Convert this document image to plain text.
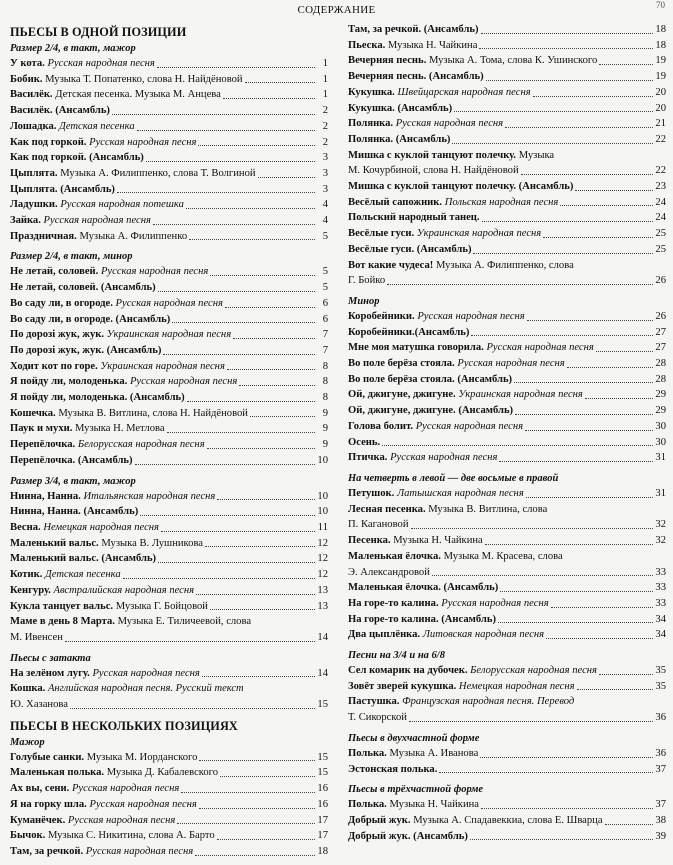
СОДЕРЖАНИЕ	70
ПЬЕСЫ В ОДНОЙ ПОЗИЦИИ
Размер 2/4, в такт, мажор
У кота. Русская народная песня	1
Бобик. Музыка Т. Попатенко, слова Н. Найдёновой	1
Василёк. Детская песенка. Музыка М. Анцева	1
Василёк. (Ансамбль)	2
Лошадка. Детская песенка	2
Как под горкой. Русская народная песня	2
Как под горкой. (Ансамбль)	3
Цыплята. Музыка А. Филиппенко, слова Т. Волгиной	3
Цыплята. (Ансамбль)	3
Ладушки. Русская народная потешка	4
Зайка. Русская народная песня	4
Праздничная. Музыка А. Филиппенко	5
Размер 2/4, в такт, минор
Не летай, соловей. Русская народная песня	5
Не летай, соловей. (Ансамбль)	5
Во саду ли, в огороде. Русская народная песня	6
Во саду ли, в огороде. (Ансамбль)	6
По дорозі жук, жук. Украинская народная песня	7
По дорозі жук, жук. (Ансамбль)	7
Ходит кот по горе. Украинская народная песня	8
Я пойду ли, молоденька. Русская народная песня	8
Я пойду ли, молоденька. (Ансамбль)	8
Кошечка. Музыка В. Витлина, слова Н. Найдёновой	9
Паук и мухи. Музыка Н. Метлова	9
Перепёлочка. Белорусская народная песня	9
Перепёлочка. (Ансамбль)	10
Размер 3/4, в такт, мажор
Нинна, Нанна. Итальянская народная песня	10
Нинна, Нанна. (Ансамбль)	10
Весна. Немецкая народная песня	11
Маленький вальс. Музыка В. Лушникова	12
Маленький вальс. (Ансамбль)	12
Котик. Детская песенка	12
Кенгуру. Австралийская народная песня	13
Кукла танцует вальс. Музыка Г. Бойцовой	13
Маме в день 8 Марта. Музыка Е. Тиличеевой, слова
М. Ивенсен	14
Пьесы с затакта
На зелёном лугу. Русская народная песня	14
Кошка. Английская народная песня. Русский текст
Ю. Хазанова	15
ПЬЕСЫ В НЕСКОЛЬКИХ ПОЗИЦИЯХ
Мажор
Голубые санки. Музыка М. Иорданского	15
Маленькая полька. Музыка Д. Кабалевского	15
Ах вы, сени. Русская народная песня	16
Я на горку шла. Русская народная песня	16
Куманёчек. Русская народная песня	17
Бычок. Музыка С. Никитина, слова А. Барто	17
Там, за речкой. Русская народная песня	18
Там, за речкой. (Ансамбль)	18
Пьеска. Музыка Н. Чайкина	18
Вечерняя песнь. Музыка А. Тома, слова К. Ушинского	19
Вечерняя песнь. (Ансамбль)	19
Кукушка. Швейцарская народная песня	20
Кукушка. (Ансамбль)	20
Полянка. Русская народная песня	21
Полянка. (Ансамбль)	22
Мишка с куклой танцуют полечку. Музыка
М. Кочурбиной, слова Н. Найдёновой	22
Мишка с куклой танцуют полечку. (Ансамбль)	23
Весёлый сапожник. Польская народная песня	24
Польский народный танец.	24
Весёлые гуси. Украинская народная песня	25
Весёлые гуси. (Ансамбль)	25
Вот какие чудеса! Музыка А. Филиппенко, слова
Г. Бойко	26
Минор
Коробейники. Русская народная песня	26
Коробейники.(Ансамбль)	27
Мне моя матушка говорила. Русская народная песня	27
Во поле берёза стояла. Русская народная песня	28
Во поле берёза стояла. (Ансамбль)	28
Ой, джигуне, джигуне. Украинская народная песня	29
Ой, джигуне, джигуне. (Ансамбль)	29
Голова болит. Русская народная песня	30
Осень.	30
Птичка. Русская народная песня	31
На четверть в левой — две восьмые в правой
Петушок. Латышская народная песня	31
Лесная песенка. Музыка В. Витлина, слова
П. Кагановой	32
Песенка. Музыка Н. Чайкина	32
Маленькая ёлочка. Музыка М. Красева, слова
Э. Александровой	33
Маленькая ёлочка. (Ансамбль)	33
На горе-то калина. Русская народная песня	33
На горе-то калина. (Ансамбль)	34
Два цыплёнка. Литовская народная песня	34
Песни на 3/4 и на 6/8
Сел комарик на дубочек. Белорусская народная песня	35
Зовёт зверей кукушка. Немецкая народная песня	35
Пастушка. Французская народная песня. Перевод
Т. Сикорской	36
Пьесы в двухчастной форме
Полька. Музыка А. Иванова	36
Эстонская полька.	37
Пьесы в трёхчастной форме
Полька. Музыка Н. Чайкина	37
Добрый жук. Музыка А. Спадавеккиа, слова Е. Шварца	38
Добрый жук. (Ансамбль)	39
